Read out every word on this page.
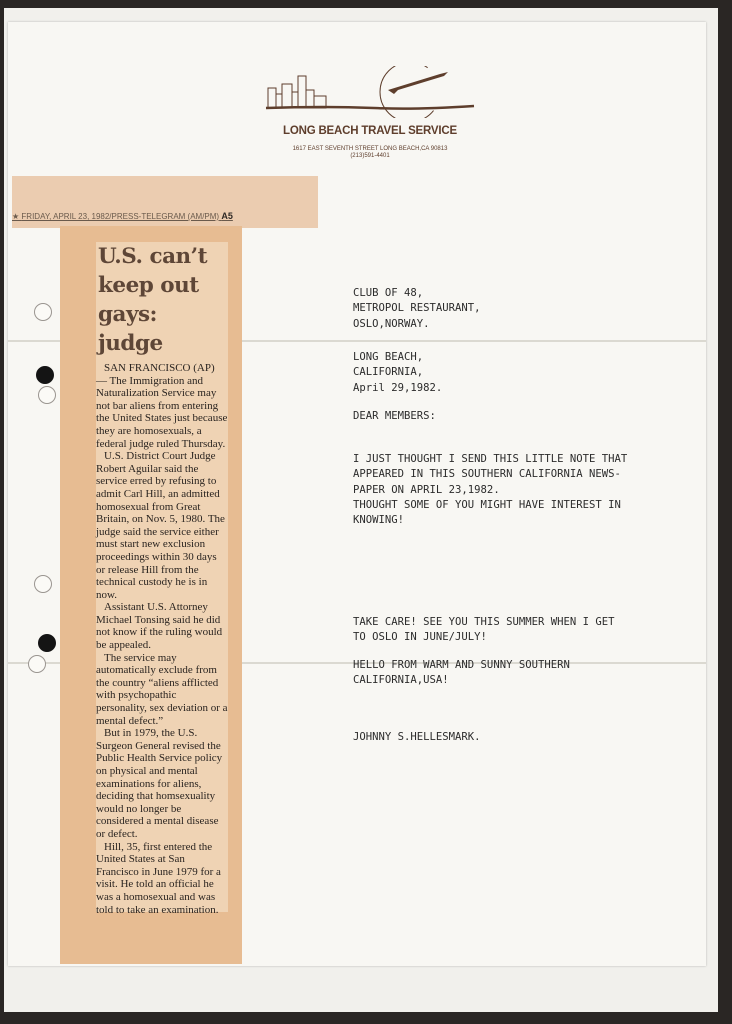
LONG BEACH TRAVEL SERVICE
1617 EAST SEVENTH STREET LONG BEACH,CA 90813
(213)591-4401
★ FRIDAY, APRIL 23, 1982/PRESS-TELEGRAM (AM/PM) A5
U.S. can’t keep out gays: judge

SAN FRANCISCO (AP) — The Immigration and Naturalization Service may not bar aliens from entering the United States just because they are homosexuals, a federal judge ruled Thursday.

U.S. District Court Judge Robert Aguilar said the service erred by refusing to admit Carl Hill, an admitted homosexual from Great Britain, on Nov. 5, 1980. The judge said the service either must start new exclusion proceedings within 30 days or release Hill from the technical custody he is in now.

Assistant U.S. Attorney Michael Tonsing said he did not know if the ruling would be appealed.

The service may automatically exclude from the country “aliens afflicted with psychopathic personality, sex deviation or a mental defect.”

But in 1979, the U.S. Surgeon General revised the Public Health Service policy on physical and mental examinations for aliens, deciding that homsexuality would no longer be considered a mental disease or defect.

Hill, 35, first entered the United States at San Francisco in June 1979 for a visit. He told an official he was a homosexual and was told to take an examination.

CLUB OF 48,
METROPOL RESTAURANT,
OSLO,NORWAY.
LONG BEACH,
CALIFORNIA,
April 29,1982.
DEAR MEMBERS:
I JUST THOUGHT I SEND THIS LITTLE NOTE THAT
APPEARED IN THIS SOUTHERN CALIFORNIA NEWS-
PAPER ON APRIL 23,1982.
THOUGHT SOME OF YOU MIGHT HAVE INTEREST IN
KNOWING!
TAKE CARE! SEE YOU THIS SUMMER WHEN I GET
TO OSLO IN JUNE/JULY!
HELLO FROM WARM AND SUNNY SOUTHERN
CALIFORNIA,USA!
JOHNNY S.HELLESMARK.
